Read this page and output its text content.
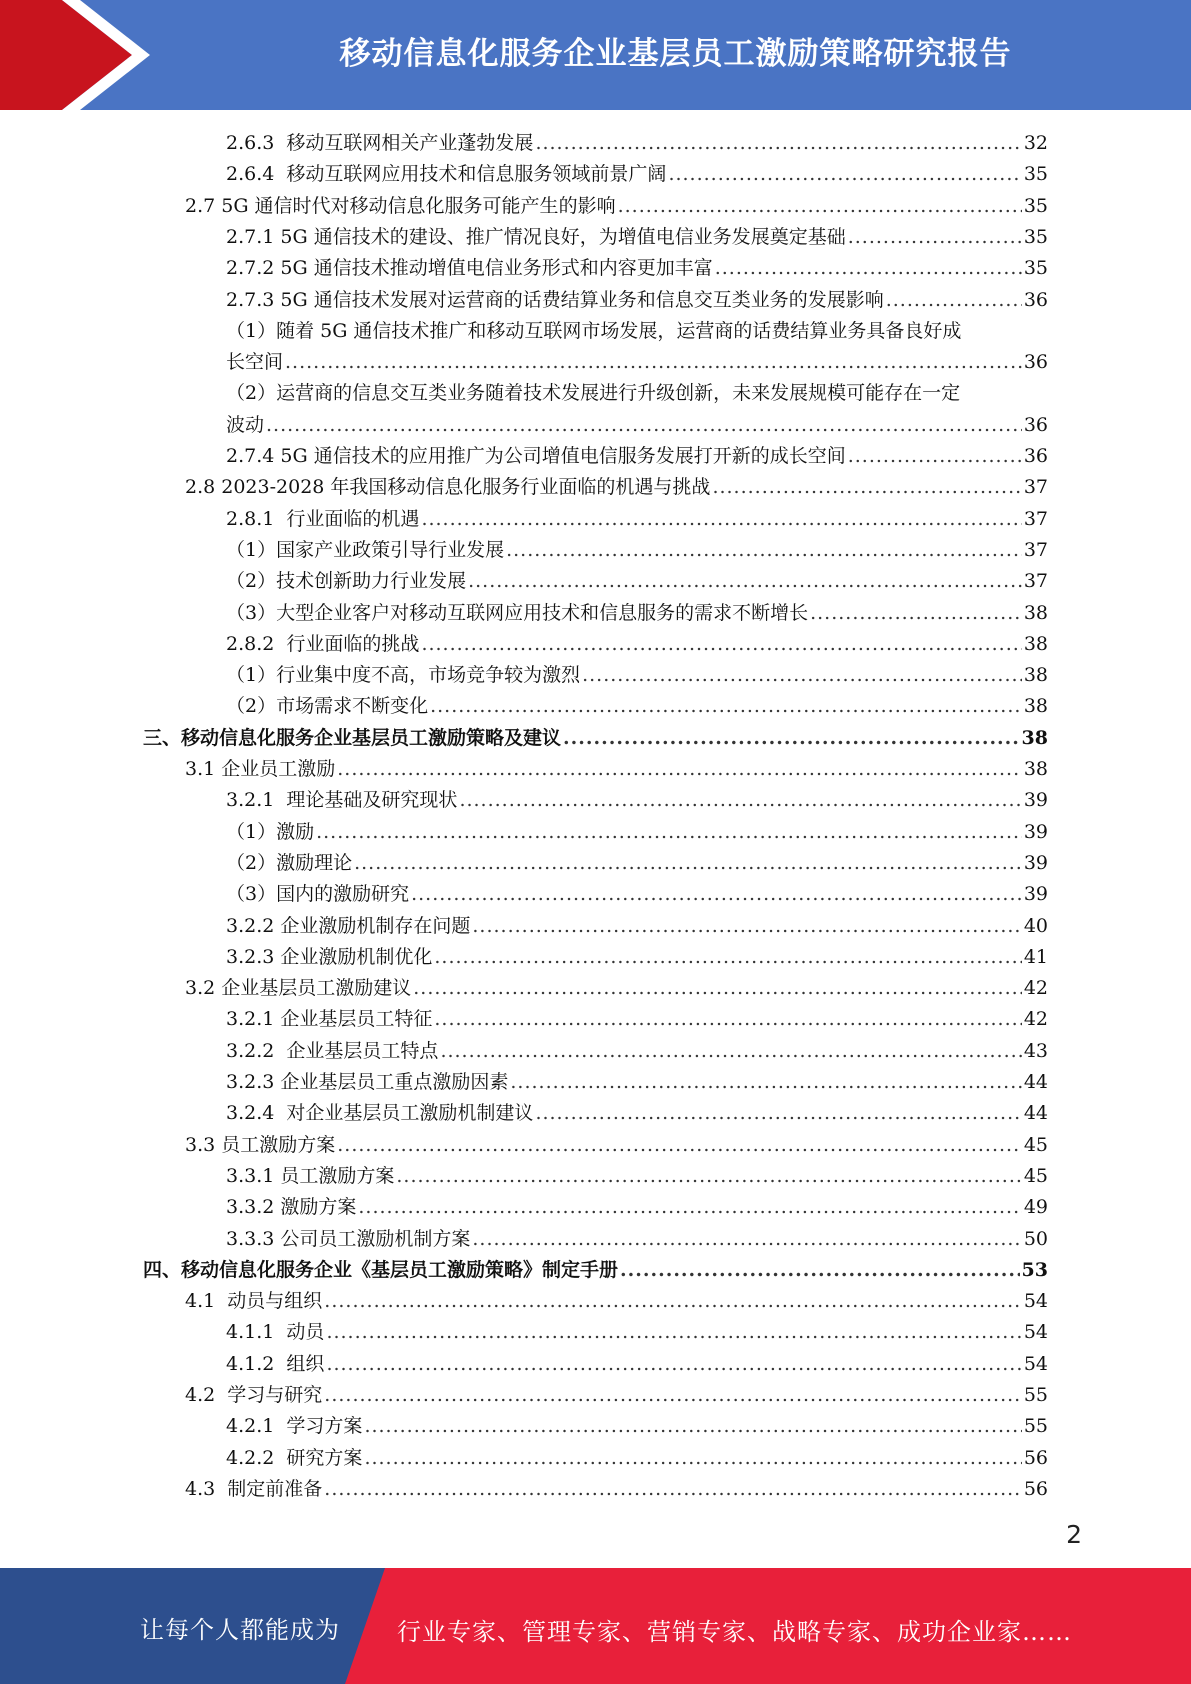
移动信息化服务企业基层员工激励策略研究报告
2.6.3  移动互联网相关产业蓬勃发展 .....	32
2.6.4  移动互联网应用技术和信息服务领域前景广阔 .....	35
2.7 5G 通信时代对移动信息化服务可能产生的影响 .....	35
2.7.1 5G 通信技术的建设、推广情况良好，为增值电信业务发展奠定基础 .....	35
2.7.2 5G 通信技术推动增值电信业务形式和内容更加丰富 .....	35
2.7.3 5G 通信技术发展对运营商的话费结算业务和信息交互类业务的发展影响 .....	36
（1）随着 5G 通信技术推广和移动互联网市场发展，运营商的话费结算业务具备良好成
长空间 .....	36
（2）运营商的信息交互类业务随着技术发展进行升级创新，未来发展规模可能存在一定
波动 .....	36
2.7.4 5G 通信技术的应用推广为公司增值电信服务发展打开新的成长空间 .....	36
2.8 2023-2028 年我国移动信息化服务行业面临的机遇与挑战 .....	37
2.8.1  行业面临的机遇 .....	37
（1）国家产业政策引导行业发展 .....	37
（2）技术创新助力行业发展 .....	37
（3）大型企业客户对移动互联网应用技术和信息服务的需求不断增长 .....	38
2.8.2  行业面临的挑战 .....	38
（1）行业集中度不高，市场竞争较为激烈 .....	38
（2）市场需求不断变化 .....	38
三、移动信息化服务企业基层员工激励策略及建议 .....	38
3.1 企业员工激励 .....	38
3.2.1  理论基础及研究现状 .....	39
（1）激励 .....	39
（2）激励理论 .....	39
（3）国内的激励研究 .....	39
3.2.2 企业激励机制存在问题 .....	40
3.2.3 企业激励机制优化 .....	41
3.2 企业基层员工激励建议 .....	42
3.2.1 企业基层员工特征 .....	42
3.2.2  企业基层员工特点 .....	43
3.2.3 企业基层员工重点激励因素 .....	44
3.2.4  对企业基层员工激励机制建议 .....	44
3.3 员工激励方案 .....	45
3.3.1 员工激励方案 .....	45
3.3.2 激励方案 .....	49
3.3.3 公司员工激励机制方案 .....	50
四、移动信息化服务企业《基层员工激励策略》制定手册 .....	53
4.1  动员与组织 .....	54
4.1.1  动员 .....	54
4.1.2  组织 .....	54
4.2  学习与研究 .....	55
4.2.1  学习方案 .....	55
4.2.2  研究方案 .....	56
4.3  制定前准备 .....	56
2
让每个人都能成为 行业专家、管理专家、营销专家、战略专家、成功企业家……
